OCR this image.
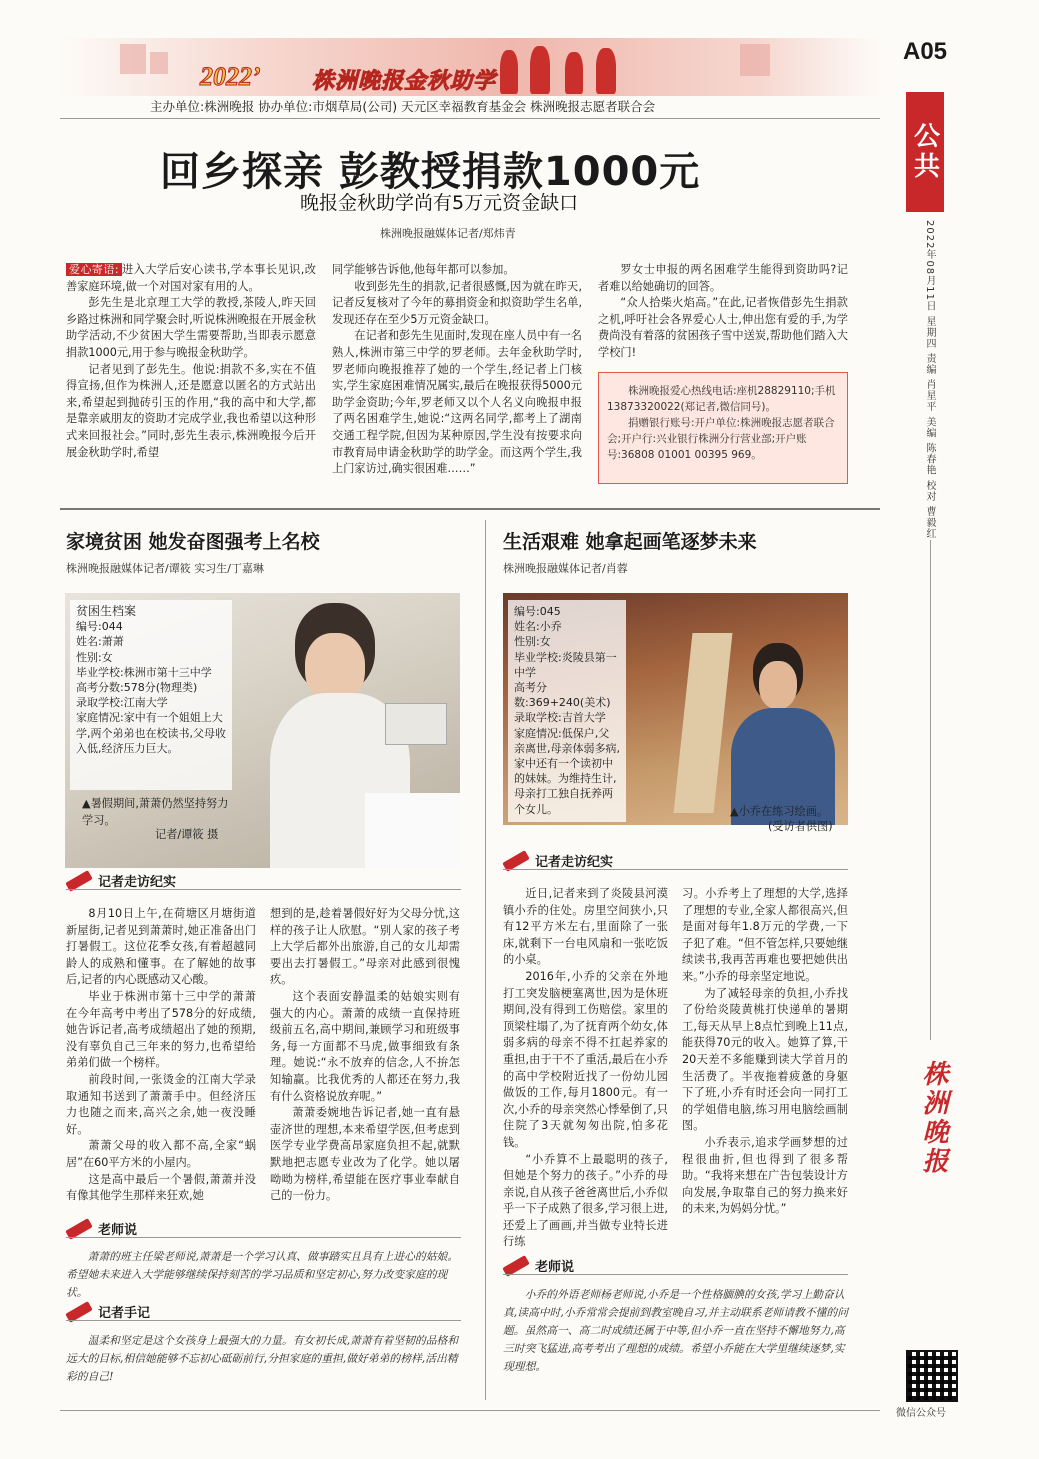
2022’ 株洲晚报金秋助学
主办单位:株洲晚报 协办单位:市烟草局(公司) 天元区幸福教育基金会 株洲晚报志愿者联合会
A05
公共
2022年08月11日 星期四 责编 肖星平 美编 陈春艳 校对 曹毅红
株洲晚报
微信公众号
回乡探亲 彭教授捐款1000元
晚报金秋助学尚有5万元资金缺口
株洲晚报融媒体记者/郑炜青

爱心寄语: 进入大学后安心读书,学本事长见识,改善家庭环境,做一个对国对家有用的人。

彭先生是北京理工大学的教授,茶陵人,昨天回乡路过株洲和同学聚会时,听说株洲晚报在开展金秋助学活动,不少贫困大学生需要帮助,当即表示愿意捐款1000元,用于参与晚报金秋助学。

记者见到了彭先生。他说:捐款不多,实在不值得宣扬,但作为株洲人,还是愿意以匿名的方式站出来,希望起到抛砖引玉的作用,“我的高中和大学,都是靠亲戚朋友的资助才完成学业,我也希望以这种形式来回报社会。”同时,彭先生表示,株洲晚报今后开展金秋助学时,希望

同学能够告诉他,他每年都可以参加。

收到彭先生的捐款,记者很感慨,因为就在昨天,记者反复核对了今年的募捐资金和拟资助学生名单,发现还存在至少5万元资金缺口。

在记者和彭先生见面时,发现在座人员中有一名熟人,株洲市第三中学的罗老师。去年金秋助学时,罗老师向晚报推荐了她的一个学生,经记者上门核实,学生家庭困难情况属实,最后在晚报获得5000元助学金资助;今年,罗老师又以个人名义向晚报申报了两名困难学生,她说:“这两名同学,都考上了湖南交通工程学院,但因为某种原因,学生没有按要求向市教育局申请金秋助学的助学金。而这两个学生,我上门家访过,确实很困难……”

罗女士申报的两名困难学生能得到资助吗?记者难以给她确切的回答。

“众人拾柴火焰高。”在此,记者恢借彭先生捐款之机,呼吁社会各界爱心人士,伸出您有爱的手,为学费尚没有着落的贫困孩子雪中送炭,帮助他们踏入大学校门!

株洲晚报爱心热线电话:座机28829110;手机13873320022(郑记者,微信同号)。

捐赠银行账号:开户单位:株洲晚报志愿者联合会;开户行:兴业银行株洲分行营业部;开户账号:36808 01001 00395 969。

家境贫困 她发奋图强考上名校
株洲晚报融媒体记者/谭筱 实习生/丁嘉琳
贫困生档案
编号:044
姓名:萧萧
性别:女
毕业学校:株洲市第十三中学
高考分数:578分(物理类)
录取学校:江南大学
家庭情况:家中有一个姐姐上大学,两个弟弟也在校读书,父母收入低,经济压力巨大。
▲暑假期间,萧萧仍然坚持努力学习。
记者/谭筱 摄
记者走访纪实

8月10日上午,在荷塘区月塘街道新屋街,记者见到萧萧时,她正准备出门打暑假工。这位花季女孩,有着超越同龄人的成熟和懂事。在了解她的故事后,记者的内心既感动又心酸。

毕业于株洲市第十三中学的萧萧在今年高考中考出了578分的好成绩,她告诉记者,高考成绩超出了她的预期,没有辜负自己三年来的努力,也希望给弟弟们做一个榜样。

前段时间,一张烫金的江南大学录取通知书送到了萧萧手中。但经济压力也随之而来,高兴之余,她一夜没睡好。

萧萧父母的收入都不高,全家“蜗居”在60平方米的小屋内。

这是高中最后一个暑假,萧萧并没有像其他学生那样来狂欢,她

想到的是,趁着暑假好好为父母分忧,这样的孩子让人欣慰。“别人家的孩子考上大学后都外出旅游,自己的女儿却需要出去打暑假工。”母亲对此感到很愧疚。

这个表面安静温柔的姑娘实则有强大的内心。萧萧的成绩一直保持班级前五名,高中期间,兼顾学习和班级事务,每一方面都不马虎,做事细致有条理。她说:“永不放弃的信念,人不拚怎知输赢。比我优秀的人都还在努力,我有什么资格说放弃呢。”

萧萧委婉地告诉记者,她一直有悬壶济世的理想,本来希望学医,但考虑到医学专业学费高昂家庭负担不起,就默默地把志愿专业改为了化学。她以屠呦呦为榜样,希望能在医疗事业奉献自己的一份力。

老师说
萧萧的班主任梁老师说,萧萧是一个学习认真、做事踏实且具有上进心的姑娘。希望她未来进入大学能够继续保持刻苦的学习品质和坚定初心,努力改变家庭的现状。
记者手记
温柔和坚定是这个女孩身上最强大的力量。有女初长成,萧萧有着坚韧的品格和远大的目标,相信她能够不忘初心砥砺前行,分担家庭的重担,做好弟弟的榜样,活出精彩的自己!
生活艰难 她拿起画笔逐梦未来
株洲晚报融媒体记者/肖蓉
编号:045
姓名:小乔
性别:女
毕业学校:炎陵县第一中学
高考分数:369+240(美术)
录取学校:吉首大学
家庭情况:低保户,父亲离世,母亲体弱多病,家中还有一个读初中的妹妹。为维持生计,母亲打工独自抚养两个女儿。	▲小乔在练习绘画。
(受访者供图)
记者走访纪实

近日,记者来到了炎陵县河漠镇小乔的住处。房里空间狭小,只有12平方米左右,里面除了一张床,就剩下一台电风扇和一张吃饭的小桌。

2016年,小乔的父亲在外地打工突发脑梗塞离世,因为是休班期间,没有得到工伤赔偿。家里的顶梁柱塌了,为了抚育两个幼女,体弱多病的母亲不得不扛起养家的重担,由于干不了重活,最后在小乔的高中学校附近找了一份幼儿园做饭的工作,每月1800元。有一次,小乔的母亲突然心悸晕倒了,只住院了3天就匆匆出院,怕多花钱。

“小乔算不上最聪明的孩子,但她是个努力的孩子。”小乔的母亲说,自从孩子爸爸离世后,小乔似乎一下子成熟了很多,学习很上进,还爱上了画画,并当做专业特长进行练

习。小乔考上了理想的大学,选择了理想的专业,全家人都很高兴,但是面对每年1.8万元的学费,一下子犯了难。“但不管怎样,只要她继续读书,我再苦再难也要把她供出来。”小乔的母亲坚定地说。

为了减轻母亲的负担,小乔找了份给炎陵黄桃打快递单的暑期工,每天从早上8点忙到晚上11点,能获得70元的收入。她算了算,干20天差不多能赚到读大学首月的生活费了。半夜拖着疲惫的身躯下了班,小乔有时还会向一同打工的学姐借电脑,练习用电脑绘画制图。

小乔表示,追求学画梦想的过程很曲折,但也得到了很多帮助。“我将来想在广告包装设计方向发展,争取靠自己的努力换来好的未来,为妈妈分忧。”

老师说
小乔的外语老师杨老师说,小乔是一个性格腼腆的女孩,学习上勤奋认真,读高中时,小乔常常会提前到教室晚自习,并主动联系老师请教不懂的问题。虽然高一、高二时成绩还属于中等,但小乔一直在坚持不懈地努力,高三时突飞猛进,高考考出了理想的成绩。希望小乔能在大学里继续逐梦,实现理想。
